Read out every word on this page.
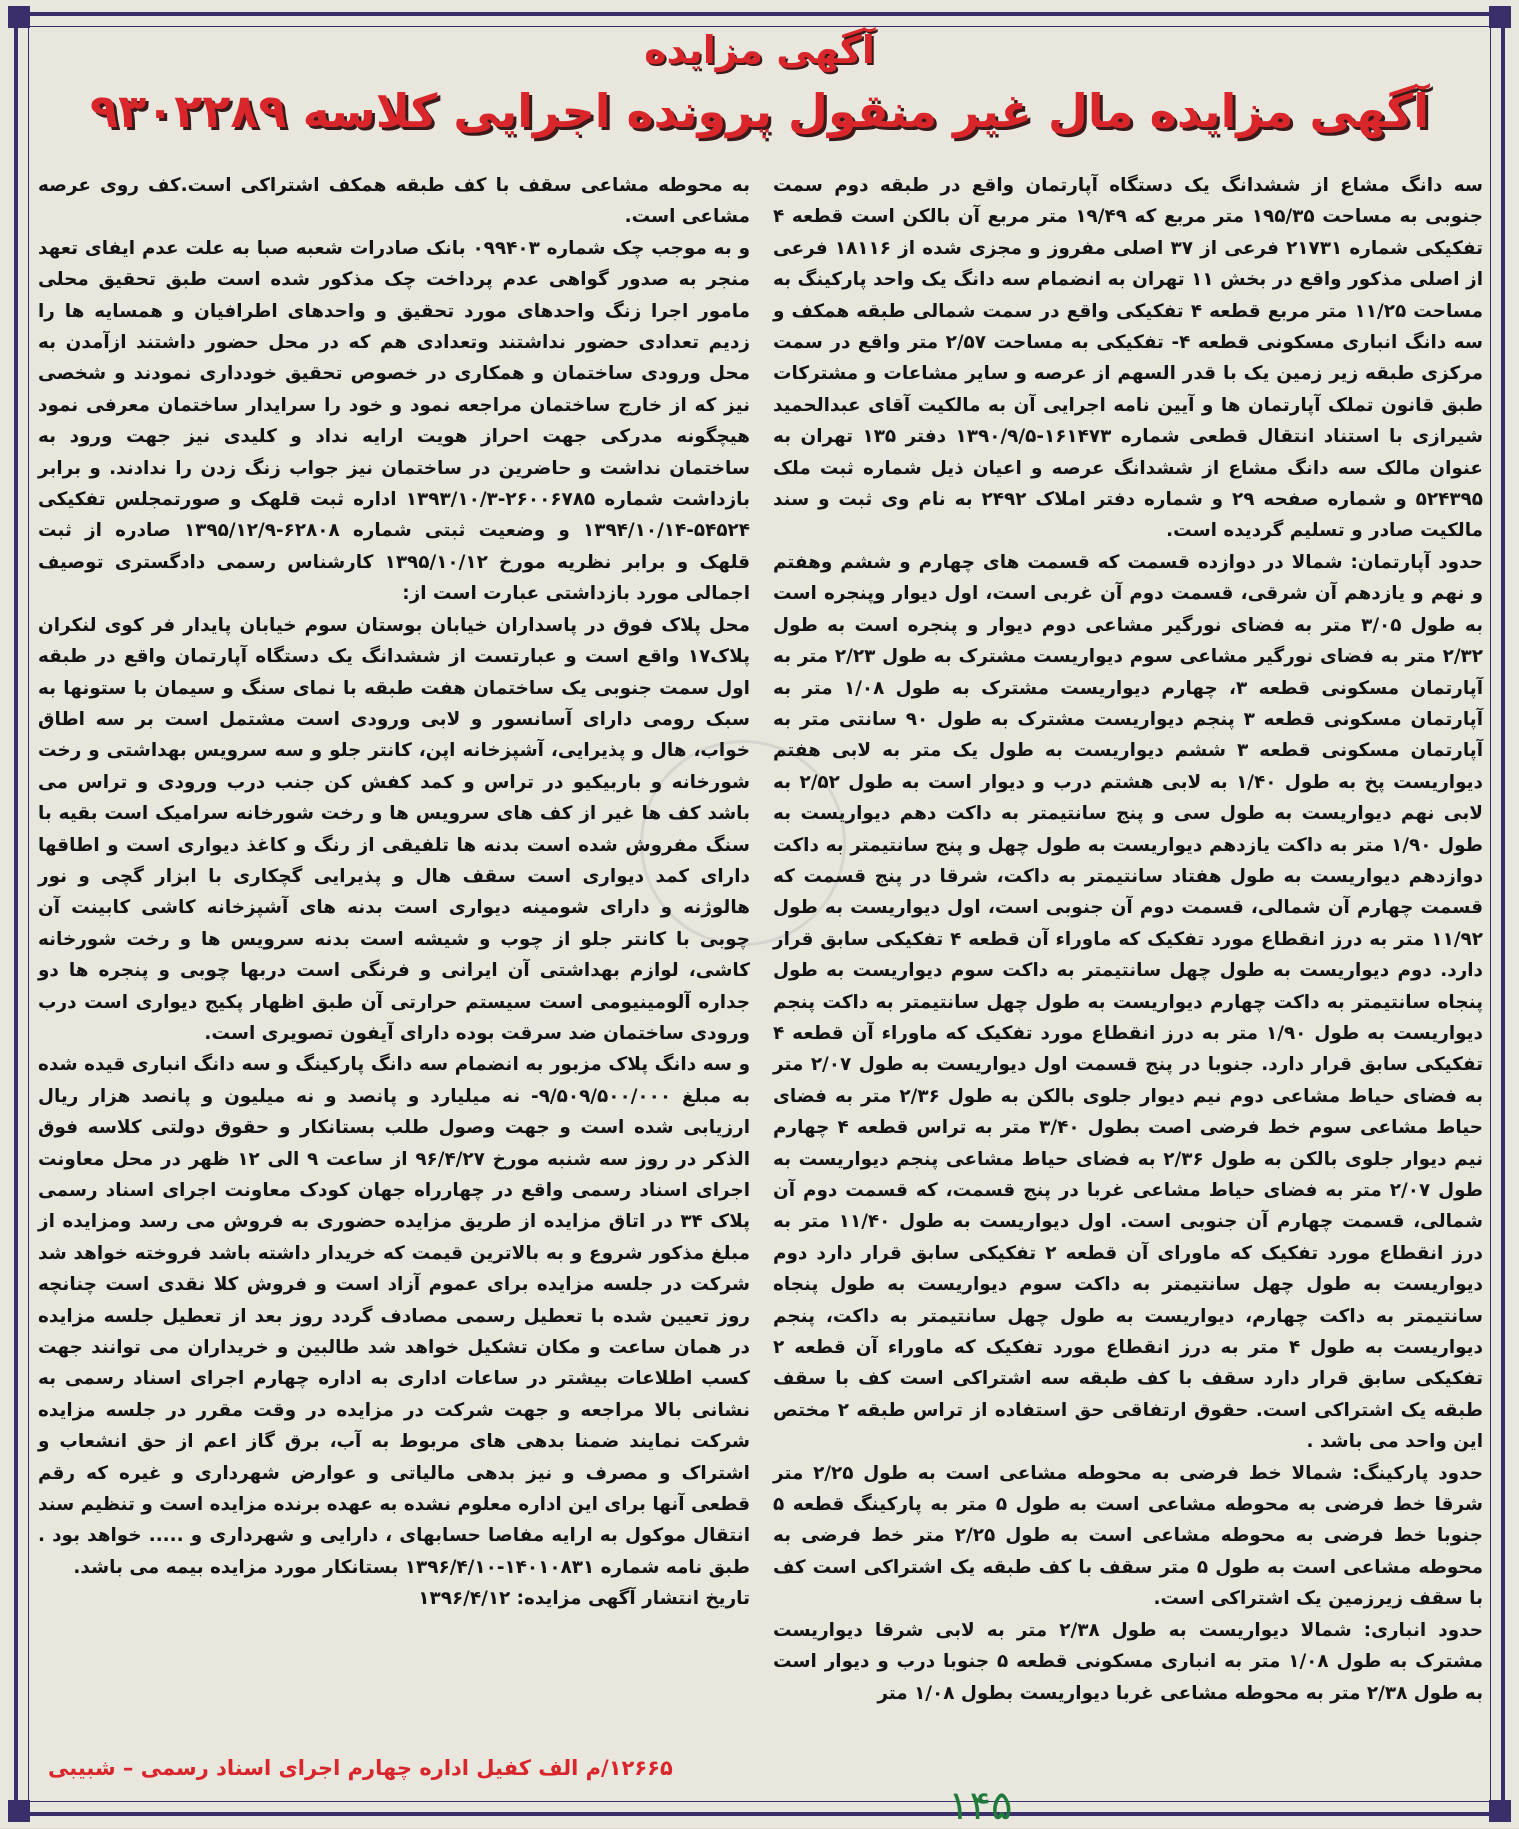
آگهی مزایده
آگهی مزایده مال غیر منقول پرونده اجرایی کلاسه ۹۳۰۲۲۸۹

سه دانگ مشاع از ششدانگ یک دستگاه آپارتمان واقع در طبقه دوم سمت جنوبی به مساحت ۱۹۵/۳۵ متر مربع که ۱۹/۴۹ متر مربع آن بالکن است قطعه ۴ تفکیکی شماره ۲۱۷۳۱ فرعی از ۳۷ اصلی مفروز و مجزی شده از ۱۸۱۱۶ فرعی از اصلی مذکور واقع در بخش ۱۱ تهران به انضمام سه دانگ یک واحد پارکینگ به مساحت ۱۱/۲۵ متر مربع قطعه ۴ تفکیکی واقع در سمت شمالی طبقه همکف و سه دانگ انباری مسکونی قطعه ۴- تفکیکی به مساحت ۲/۵۷ متر واقع در سمت مرکزی طبقه زیر زمین یک با قدر السهم از عرصه و سایر مشاعات و مشترکات طبق قانون تملک آپارتمان ها و آیین نامه اجرایی آن به مالکیت آقای عبدالحمید شیرازی با استناد انتقال قطعی شماره ۱۶۱۴۷۳-۱۳۹۰/۹/۵ دفتر ۱۳۵ تهران به عنوان مالک سه دانگ مشاع از ششدانگ عرصه و اعیان ذیل شماره ثبت ملک ۵۲۴۳۹۵ و شماره صفحه ۲۹ و شماره دفتر املاک ۲۴۹۲ به نام وی ثبت و سند مالکیت صادر و تسلیم گردیده است.

حدود آپارتمان: شمالا در دوازده قسمت که قسمت های چهارم و ششم وهفتم و نهم و یازدهم آن شرقی، قسمت دوم آن غربی است، اول دیوار وپنجره است به طول ۳/۰۵ متر به فضای نورگیر مشاعی دوم دیوار و پنجره است به طول ۲/۳۲ متر به فضای نورگیر مشاعی سوم دیواریست مشترک به طول ۲/۲۳ متر به آپارتمان مسکونی قطعه ۳، چهارم دیواریست مشترک به طول ۱/۰۸ متر به آپارتمان مسکونی قطعه ۳ پنجم دیواریست مشترک به طول ۹۰ سانتی متر به آپارتمان مسکونی قطعه ۳ ششم دیواریست به طول یک متر به لابی هفتم دیواریست پخ به طول ۱/۴۰ به لابی هشتم درب و دیوار است به طول ۲/۵۲ به لابی نهم دیواریست به طول سی و پنج سانتیمتر به داکت دهم دیواریست به طول ۱/۹۰ متر به داکت یازدهم دیواریست به طول چهل و پنج سانتیمتر به داکت دوازدهم دیواریست به طول هفتاد سانتیمتر به داکت، شرقا در پنج قسمت که قسمت چهارم آن شمالی، قسمت دوم آن جنوبی است، اول دیواریست به طول ۱۱/۹۲ متر به درز انقطاع مورد تفکیک که ماوراء آن قطعه ۴ تفکیکی سابق قرار دارد. دوم دیواریست به طول چهل سانتیمتر به داکت سوم دیواریست به طول پنجاه سانتیمتر به داکت چهارم دیواریست به طول چهل سانتیمتر به داکت پنجم دیواریست به طول ۱/۹۰ متر به درز انقطاع مورد تفکیک که ماوراء آن قطعه ۴ تفکیکی سابق قرار دارد. جنوبا در پنج قسمت اول دیواریست به طول ۲/۰۷ متر به فضای حیاط مشاعی دوم نیم دیوار جلوی بالکن به طول ۲/۳۶ متر به فضای حیاط مشاعی سوم خط فرضی اصت بطول ۳/۴۰ متر به تراس قطعه ۴ چهارم نیم دیوار جلوی بالکن به طول ۲/۳۶ به فضای حیاط مشاعی پنجم دیواریست به طول ۲/۰۷ متر به فضای حیاط مشاعی غربا در پنج قسمت، که قسمت دوم آن شمالی، قسمت چهارم آن جنوبی است. اول دیواریست به طول ۱۱/۴۰ متر به درز انقطاع مورد تفکیک که ماورای آن قطعه ۲ تفکیکی سابق قرار دارد دوم دیواریست به طول چهل سانتیمتر به داکت سوم دیواریست به طول پنجاه سانتیمتر به داکت چهارم، دیواریست به طول چهل سانتیمتر به داکت، پنجم دیواریست به طول ۴ متر به درز انقطاع مورد تفکیک که ماوراء آن قطعه ۲ تفکیکی سابق قرار دارد سقف با کف طبقه سه اشتراکی است کف با سقف طبقه یک اشتراکی است. حقوق ارتفاقی حق استفاده از تراس طبقه ۲ مختص این واحد می باشد .

حدود پارکینگ: شمالا خط فرضی به محوطه مشاعی است به طول ۲/۲۵ متر شرقا خط فرضی به محوطه مشاعی است به طول ۵ متر به پارکینگ قطعه ۵ جنوبا خط فرضی به محوطه مشاعی است به طول ۲/۲۵ متر خط فرضی به محوطه مشاعی است به طول ۵ متر سقف با کف طبقه یک اشتراکی است کف با سقف زیرزمین یک اشتراکی است.

حدود انباری: شمالا دیواریست به طول ۲/۳۸ متر به لابی شرقا دیواریست مشترک به طول ۱/۰۸ متر به انباری مسکونی قطعه ۵ جنوبا درب و دیوار است به طول ۲/۳۸ متر به محوطه مشاعی غربا دیواریست بطول ۱/۰۸ متر

به محوطه مشاعی سقف با کف طبقه همکف اشتراکی است.کف روی عرصه مشاعی است.

و به موجب چک شماره ۰۹۹۴۰۳ بانک صادرات شعبه صبا به علت عدم ایفای تعهد منجر به صدور گواهی عدم پرداخت چک مذکور شده است طبق تحقیق محلی مامور اجرا زنگ واحدهای مورد تحقیق و واحدهای اطرافیان و همسایه ها را زدیم تعدادی حضور نداشتند وتعدادی هم که در محل حضور داشتند ازآمدن به محل ورودی ساختمان و همکاری در خصوص تحقیق خودداری نمودند و شخصی نیز که از خارج ساختمان مراجعه نمود و خود را سرایدار ساختمان معرفی نمود هیچگونه مدرکی جهت احراز هویت ارایه نداد و کلیدی نیز جهت ورود به ساختمان نداشت و حاضرین در ساختمان نیز جواب زنگ زدن را ندادند. و برابر بازداشت شماره ۲۶۰۰۶۷۸۵-۱۳۹۳/۱۰/۳ اداره ثبت قلهک و صورتمجلس تفکیکی ۵۴۵۲۴-۱۳۹۴/۱۰/۱۴ و وضعیت ثبتی شماره ۶۲۸۰۸-۱۳۹۵/۱۲/۹ صادره از ثبت قلهک و برابر نظریه مورخ ۱۳۹۵/۱۰/۱۲ کارشناس رسمی دادگستری توصیف اجمالی مورد بازداشتی عبارت است از:

محل پلاک فوق در پاسداران خیابان بوستان سوم خیابان پایدار فر کوی لنکران پلاک۱۷ واقع است و عبارتست از ششدانگ یک دستگاه آپارتمان واقع در طبقه اول سمت جنوبی یک ساختمان هفت طبقه با نمای سنگ و سیمان با ستونها به سبک رومی دارای آسانسور و لابی ورودی است مشتمل است بر سه اطاق خواب، هال و پذیرایی، آشپزخانه اپن، کانتر جلو و سه سرویس بهداشتی و رخت شورخانه و باربیکیو در تراس و کمد کفش کن جنب درب ورودی و تراس می باشد کف ها غیر از کف های سرویس ها و رخت شورخانه سرامیک است بقیه با سنگ مفروش شده است بدنه ها تلفیقی از رنگ و کاغذ دیواری است و اطاقها دارای کمد دیواری است سقف هال و پذیرایی گچکاری با ابزار گچی و نور هالوژنه و دارای شومینه دیواری است بدنه های آشپزخانه کاشی کابینت آن چوبی با کانتر جلو از چوب و شیشه است بدنه سرویس ها و رخت شورخانه کاشی، لوازم بهداشتی آن ایرانی و فرنگی است دربها چوبی و پنجره ها دو جداره آلومینیومی است سیستم حرارتی آن طبق اظهار پکیج دیواری است درب ورودی ساختمان ضد سرقت بوده دارای آیفون تصویری است.

و سه دانگ پلاک مزبور به انضمام سه دانگ پارکینگ و سه دانگ انباری قیده شده به مبلغ ۹/۵۰۹/۵۰۰/۰۰۰- نه میلیارد و پانصد و نه میلیون و پانصد هزار ریال ارزیابی شده است و جهت وصول طلب بستانکار و حقوق دولتی کلاسه فوق الذکر در روز سه شنبه مورخ ۹۶/۴/۲۷ از ساعت ۹ الی ۱۲ ظهر در محل معاونت اجرای اسناد رسمی واقع در چهارراه جهان کودک معاونت اجرای اسناد رسمی پلاک ۳۴ در اتاق مزایده از طریق مزایده حضوری به فروش می رسد ومزایده از مبلغ مذکور شروع و به بالاترین قیمت که خریدار داشته باشد فروخته خواهد شد شرکت در جلسه مزایده برای عموم آزاد است و فروش کلا نقدی است چنانچه روز تعیین شده با تعطیل رسمی مصادف گردد روز بعد از تعطیل جلسه مزایده در همان ساعت و مکان تشکیل خواهد شد طالبین و خریداران می توانند جهت کسب اطلاعات بیشتر در ساعات اداری به اداره چهارم اجرای اسناد رسمی به نشانی بالا مراجعه و جهت شرکت در مزایده در وقت مقرر در جلسه مزایده شرکت نمایند ضمنا بدهی های مربوط به آب، برق گاز اعم از حق انشعاب و اشتراک و مصرف و نیز بدهی مالیاتی و عوارض شهرداری و غیره که رقم قطعی آنها برای این اداره معلوم نشده به عهده برنده مزایده است و تنظیم سند انتقال موکول به ارایه مفاصا حسابهای ، دارایی و شهرداری و ..... خواهد بود . طبق نامه شماره ۱۴۰۱۰۸۳۱-۱۳۹۶/۴/۱۰ بستانکار مورد مزایده بیمه می باشد.

تاریخ انتشار آگهی مزایده: ۱۳۹۶/۴/۱۲

۱۲۶۶۵/م الف کفیل اداره چهارم اجرای اسناد رسمی – شبیبی
۱۴۵
